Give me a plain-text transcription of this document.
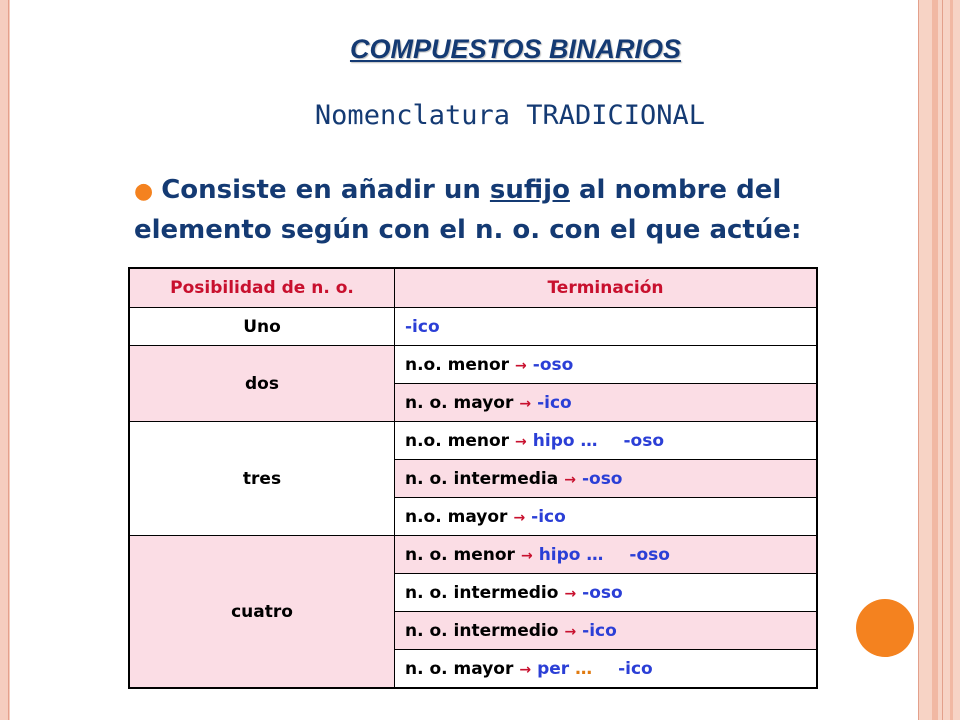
COMPUESTOS BINARIOS
Nomenclatura TRADICIONAL
● Consiste en añadir un sufijo al nombre del elemento según con el n. o. con el que actúe:
Posibilidad de n. o.	Terminación
Uno	-ico
dos	n.o. menor → -oso
	n. o. mayor → -ico
tres	n.o. menor → hipo … -oso
	n. o. intermedia → -oso
	n.o. mayor → -ico
cuatro	n. o. menor → hipo … -oso
	n. o. intermedio → -oso
	n. o. intermedio → -ico
	n. o. mayor → per … -ico
